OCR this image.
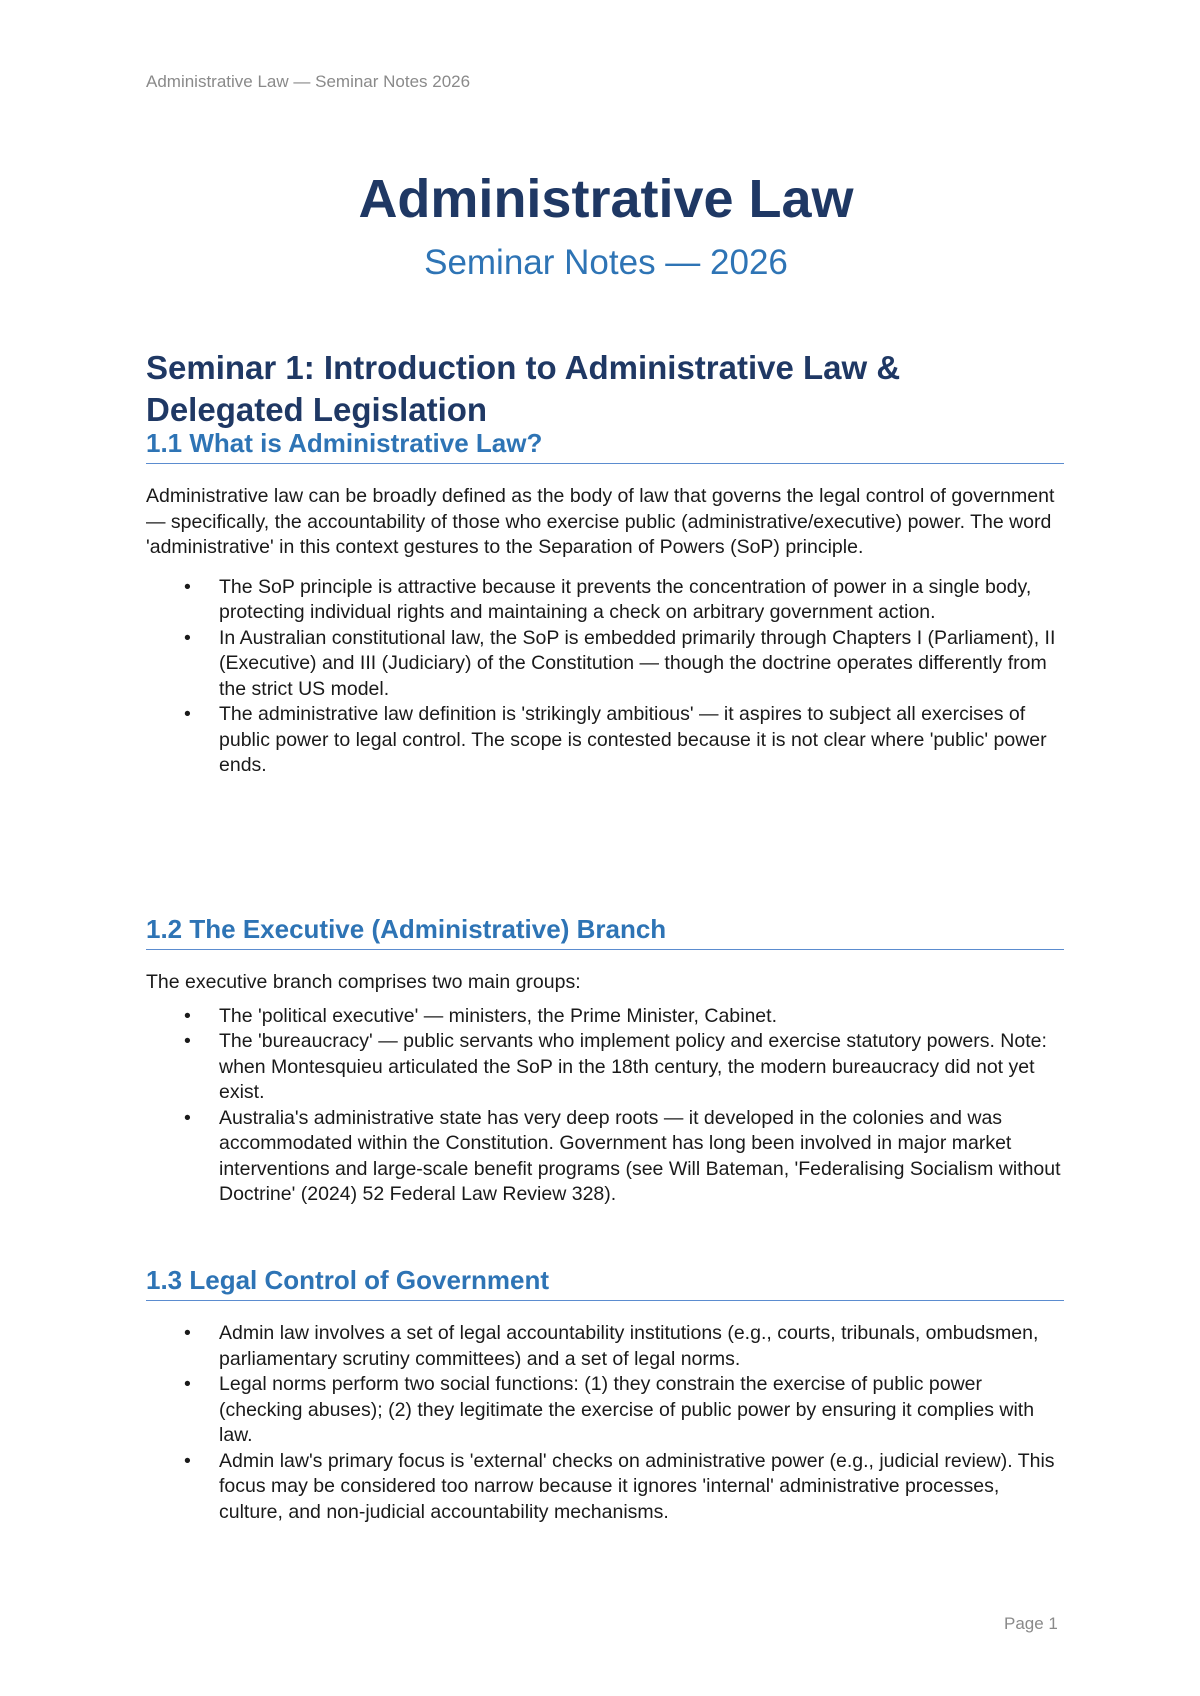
Administrative Law — Seminar Notes 2026
Administrative Law
Seminar Notes — 2026
Seminar 1: Introduction to Administrative Law & Delegated Legislation
1.1 What is Administrative Law?

Administrative law can be broadly defined as the body of law that governs the legal control of government — specifically, the accountability of those who exercise public (administrative/executive) power. The word 'administrative' in this context gestures to the Separation of Powers (SoP) principle.

• The SoP principle is attractive because it prevents the concentration of power in a single body, protecting individual rights and maintaining a check on arbitrary government action.
• In Australian constitutional law, the SoP is embedded primarily through Chapters I (Parliament), II (Executive) and III (Judiciary) of the Constitution — though the doctrine operates differently from the strict US model.
• The administrative law definition is 'strikingly ambitious' — it aspires to subject all exercises of public power to legal control. The scope is contested because it is not clear where 'public' power ends.
1.2 The Executive (Administrative) Branch

The executive branch comprises two main groups:

• The 'political executive' — ministers, the Prime Minister, Cabinet.
• The 'bureaucracy' — public servants who implement policy and exercise statutory powers. Note: when Montesquieu articulated the SoP in the 18th century, the modern bureaucracy did not yet exist.
• Australia's administrative state has very deep roots — it developed in the colonies and was accommodated within the Constitution. Government has long been involved in major market interventions and large-scale benefit programs (see Will Bateman, 'Federalising Socialism without Doctrine' (2024) 52 Federal Law Review 328).
1.3 Legal Control of Government
• Admin law involves a set of legal accountability institutions (e.g., courts, tribunals, ombudsmen, parliamentary scrutiny committees) and a set of legal norms.
• Legal norms perform two social functions: (1) they constrain the exercise of public power (checking abuses); (2) they legitimate the exercise of public power by ensuring it complies with law.
• Admin law's primary focus is 'external' checks on administrative power (e.g., judicial review). This focus may be considered too narrow because it ignores 'internal' administrative processes, culture, and non-judicial accountability mechanisms.
Page 1
